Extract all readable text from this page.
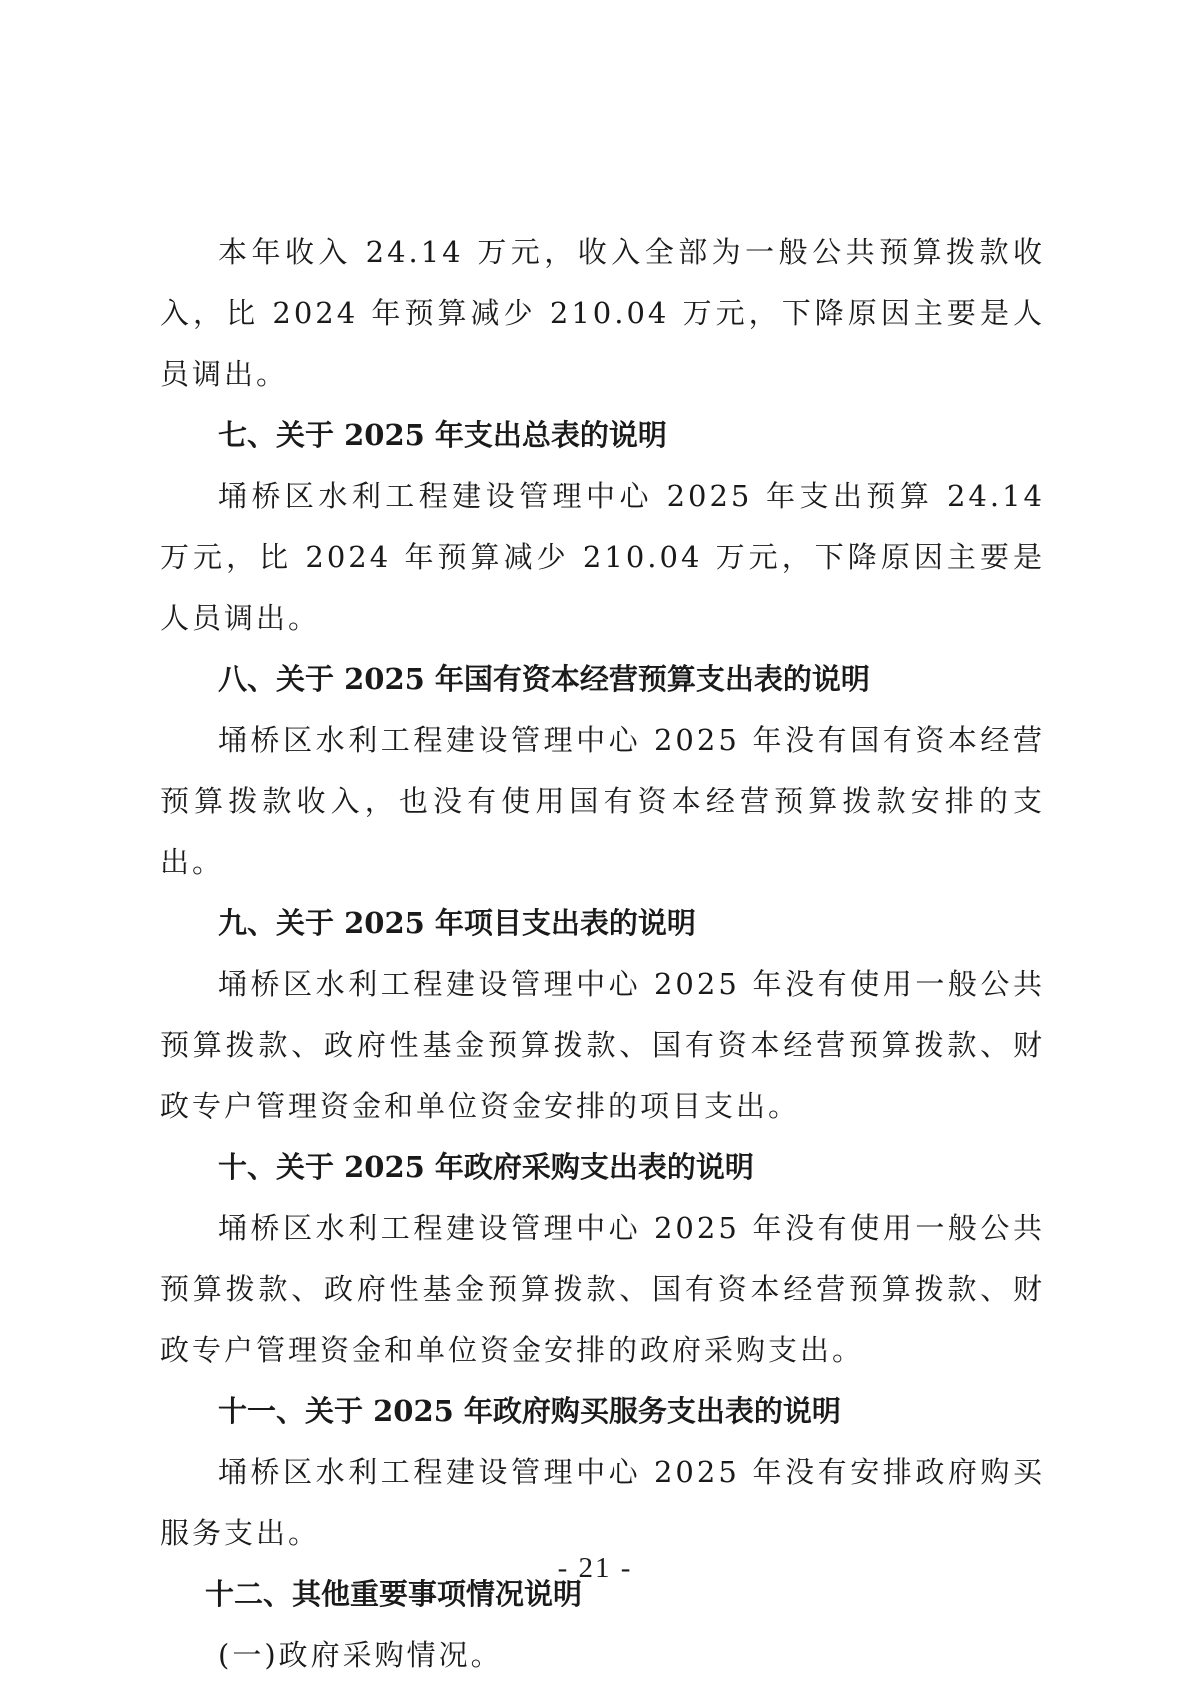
本年收入 24.14 万元，收入全部为一般公共预算拨款收入，比 2024 年预算减少 210.04 万元，下降原因主要是人员调出。

七、关于 2025 年支出总表的说明

埇桥区水利工程建设管理中心 2025 年支出预算 24.14 万元，比 2024 年预算减少 210.04 万元，下降原因主要是人员调出。

八、关于 2025 年国有资本经营预算支出表的说明

埇桥区水利工程建设管理中心 2025 年没有国有资本经营预算拨款收入，也没有使用国有资本经营预算拨款安排的支出。

九、关于 2025 年项目支出表的说明

埇桥区水利工程建设管理中心 2025 年没有使用一般公共预算拨款、政府性基金预算拨款、国有资本经营预算拨款、财政专户管理资金和单位资金安排的项目支出。

十、关于 2025 年政府采购支出表的说明

埇桥区水利工程建设管理中心 2025 年没有使用一般公共预算拨款、政府性基金预算拨款、国有资本经营预算拨款、财政专户管理资金和单位资金安排的政府采购支出。

十一、关于 2025 年政府购买服务支出表的说明

埇桥区水利工程建设管理中心 2025 年没有安排政府购买服务支出。

十二、其他重要事项情况说明

(一)政府采购情况。

- 21 -
